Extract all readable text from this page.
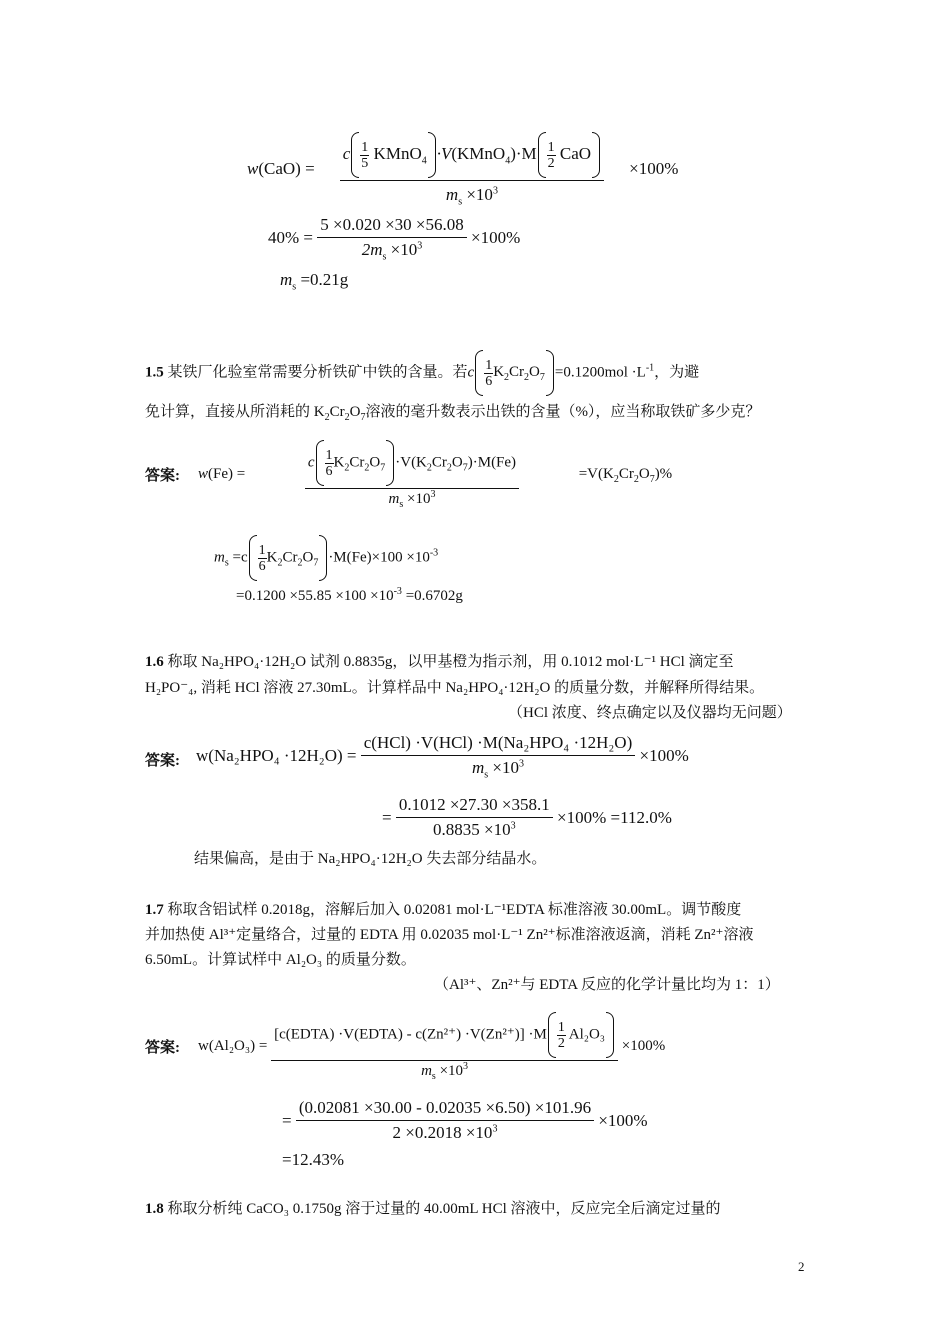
$w(CaO) = \frac{c \frac{1}{5} KMnO_4 \cdot V(KMnO_4)\cdot M \frac{1}{2} CaO}{m_s \times 10^3} \times 100\%$
$40\% = \frac{5 \times 0.020 \times 30 \times 56.08}{2m_s \times 10^3} \times 100\%$
$m_s =0.21g$
1.5 某铁厂化验室常需要分析铁矿中铁的含量。若c $\frac{1}{6} K_2Cr_2O_7 =0.1200mol \cdot L^{-1}$，为避
免计算，直接从所消耗的 $K_2Cr_2O_7$溶液的毫升数表示出铁的含量（%），应当称取铁矿多少克？
答案: $w(Fe) = \frac{c \frac{1}{6} K_2Cr_2O_7 \cdot V(K_2Cr_2O_7)\cdot M(Fe)}{m_s \times 10^3} =V(K_2Cr_2O_7)\%$
$m_s =c \frac{1}{6} K_2Cr_2O_7 \cdot M(Fe)\times 100 \times 10^{-3}$
$=0.1200 \times 55.85 \times 100 \times 10^{-3} =0.6702g$
1.6 称取 Na₂HPO₄·12H₂O 试剂 0.8835g，以甲基橙为指示剂，用 0.1012 mol·L⁻¹ HCl 滴定至
H₂PO⁻₄, 消耗 HCl 溶液 27.30mL。计算样品中 Na₂HPO₄·12H₂O 的质量分数，并解释所得结果。
（HCl 浓度、终点确定以及仪器均无问题）
答案: $w(Na_2HPO_4 \cdot 12H_2O) = \frac{\text{c(HCl) ·V(HCl) ·M(Na₂HPO₄ ·12H₂O)}}{m_s \times 10^3} \times 100\%$
= $\frac{0.1012 \times 27.30 \times 358.1}{0.8835 \times 10^3} \times 100\% =112.0\%$
结果偏高，是由于 Na₂HPO₄·12H₂O 失去部分结晶水。
1.7 称取含铝试样 0.2018g，溶解后加入 0.02081 mol·L⁻¹EDTA 标准溶液 30.00mL。调节酸度
并加热使 Al³⁺定量络合，过量的 EDTA 用 0.02035 mol·L⁻¹ Zn²⁺标准溶液返滴，消耗 Zn²⁺溶液
6.50mL。计算试样中 Al₂O₃ 的质量分数。
（Al³⁺、Zn²⁺与 EDTA 反应的化学计量比均为 1：1）
答案: $w(Al_2O_3) = \frac{[c(EDTA) \cdot V(EDTA) - c(Zn^{2+}) \cdot V(Zn^{2+})] \cdot M \frac{1}{2} Al_2O_3}{m_s \times 10^3} \times 100\%$
= $\frac{(0.02081 \times 30.00 - 0.02035 \times 6.50) \times 101.96}{2 \times 0.2018 \times 10^3} \times 100\%$
=12.43%
1.8 称取分析纯 CaCO₃ 0.1750g 溶于过量的 40.00mL HCl 溶液中，反应完全后滴定过量的
2
